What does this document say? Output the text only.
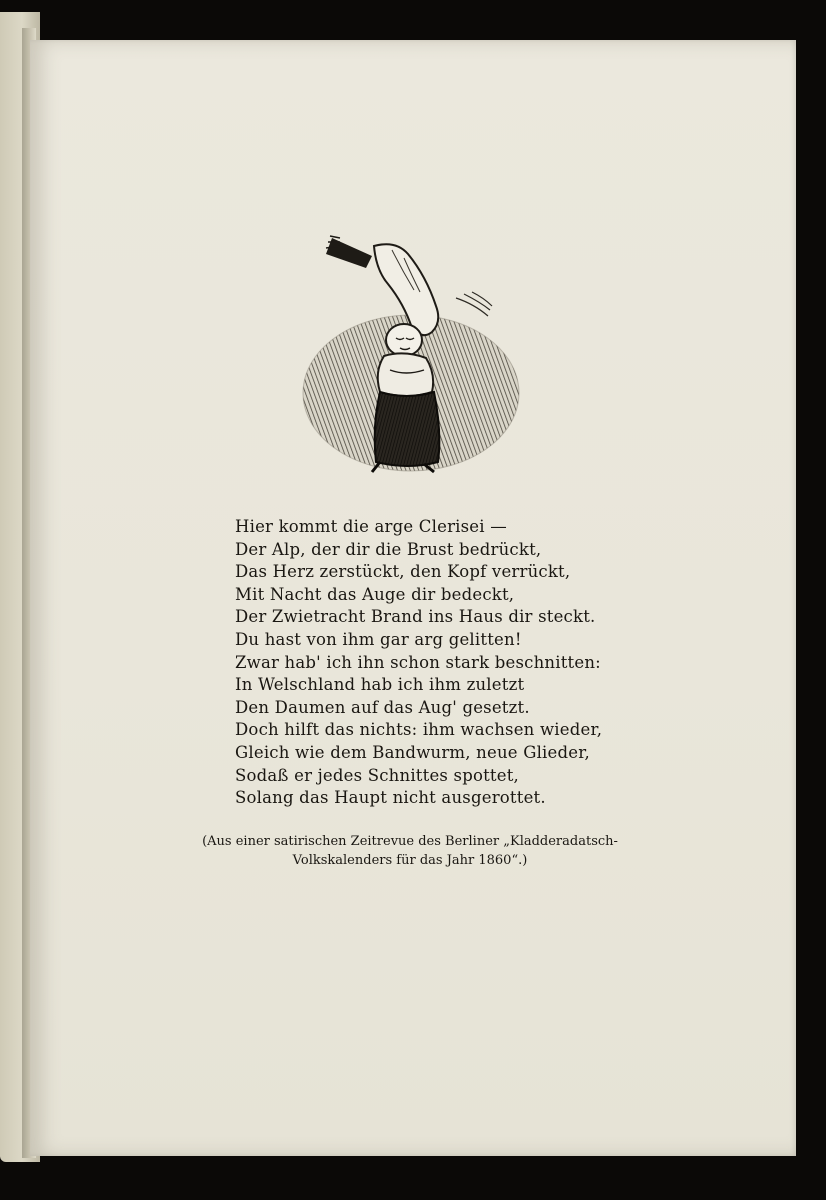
Hier kommt die arge Clerisei —
Der Alp, der dir die Brust bedrückt,
Das Herz zerstückt, den Kopf verrückt,
Mit Nacht das Auge dir bedeckt,
Der Zwietracht Brand ins Haus dir steckt.
Du hast von ihm gar arg gelitten!
Zwar hab' ich ihn schon stark beschnitten:
In Welschland hab ich ihm zuletzt
Den Daumen auf das Aug' gesetzt.
Doch hilft das nichts: ihm wachsen wieder,
Gleich wie dem Bandwurm, neue Glieder,
Sodaß er jedes Schnittes spottet,
Solang das Haupt nicht ausgerottet.
(Aus einer satirischen Zeitrevue des Berliner „Kladderadatsch-
Volkskalenders für das Jahr 1860“.)
